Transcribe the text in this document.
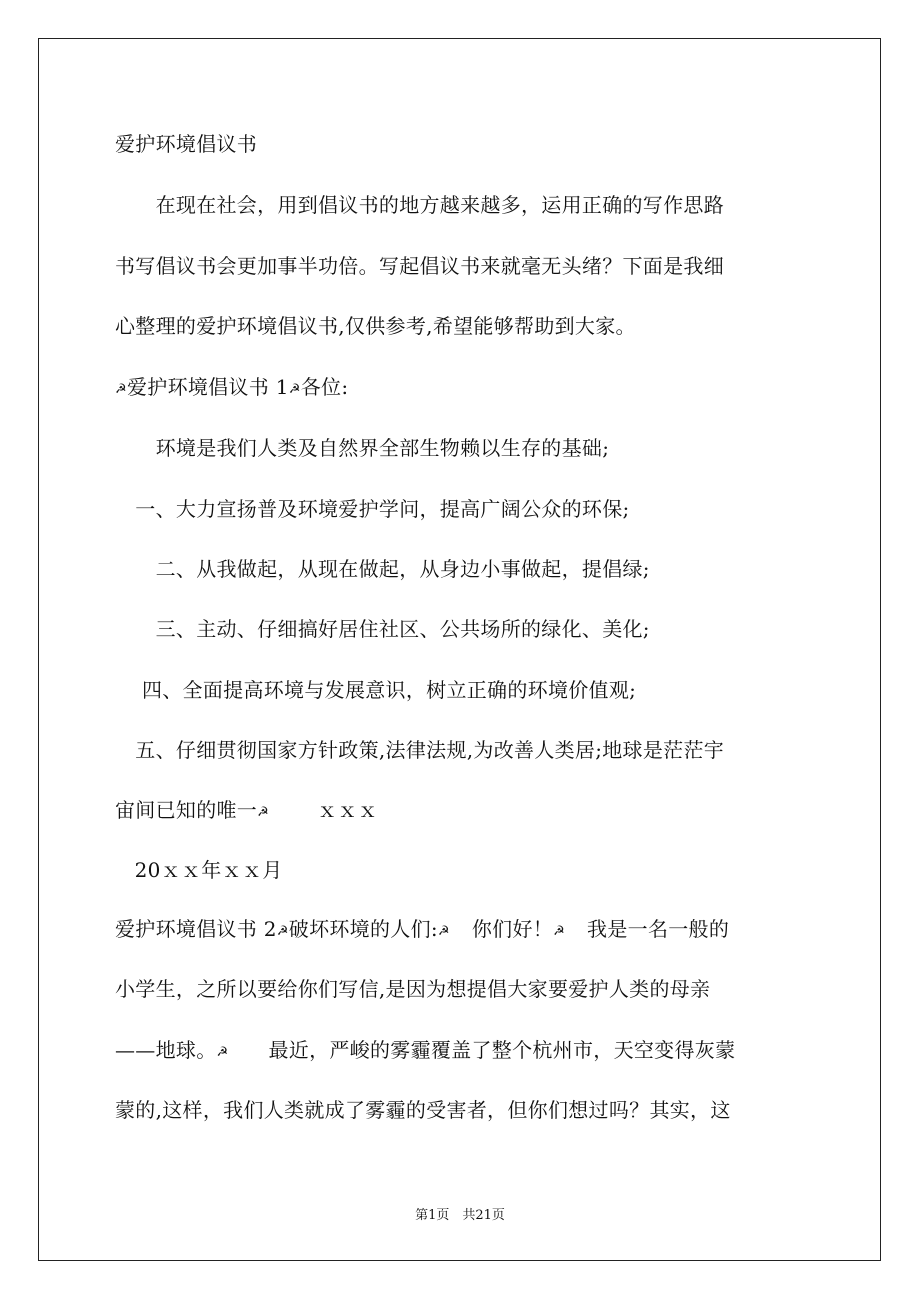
爱护环境倡议书
　　在现在社会，用到倡议书的地方越来越多，运用正确的写作思路
书写倡议书会更加事半功倍。写起倡议书来就毫无头绪？下面是我细
心整理的爱护环境倡议书,仅供参考,希望能够帮助到大家。
☭爱护环境倡议书 1☭各位:
　　环境是我们人类及自然界全部生物赖以生存的基础;
　一、大力宣扬普及环境爱护学问，提高广阔公众的环保;
　　二、从我做起，从现在做起，从身边小事做起，提倡绿;
　　三、主动、仔细搞好居住社区、公共场所的绿化、美化;
　 四、全面提高环境与发展意识，树立正确的环境价值观;
　五、仔细贯彻国家方针政策,法律法规,为改善人类居;地球是茫茫宇
宙间已知的唯一☭ ｘｘｘ
20ｘｘ年ｘｘ月
爱护环境倡议书 2☭破坏环境的人们:☭ 你们好！☭ 我是一名一般的
小学生，之所以要给你们写信,是因为想提倡大家要爱护人类的母亲
——地球。☭ 最近，严峻的雾霾覆盖了整个杭州市，天空变得灰蒙
蒙的,这样，我们人类就成了雾霾的受害者，但你们想过吗？其实，这
第1页　共21页
